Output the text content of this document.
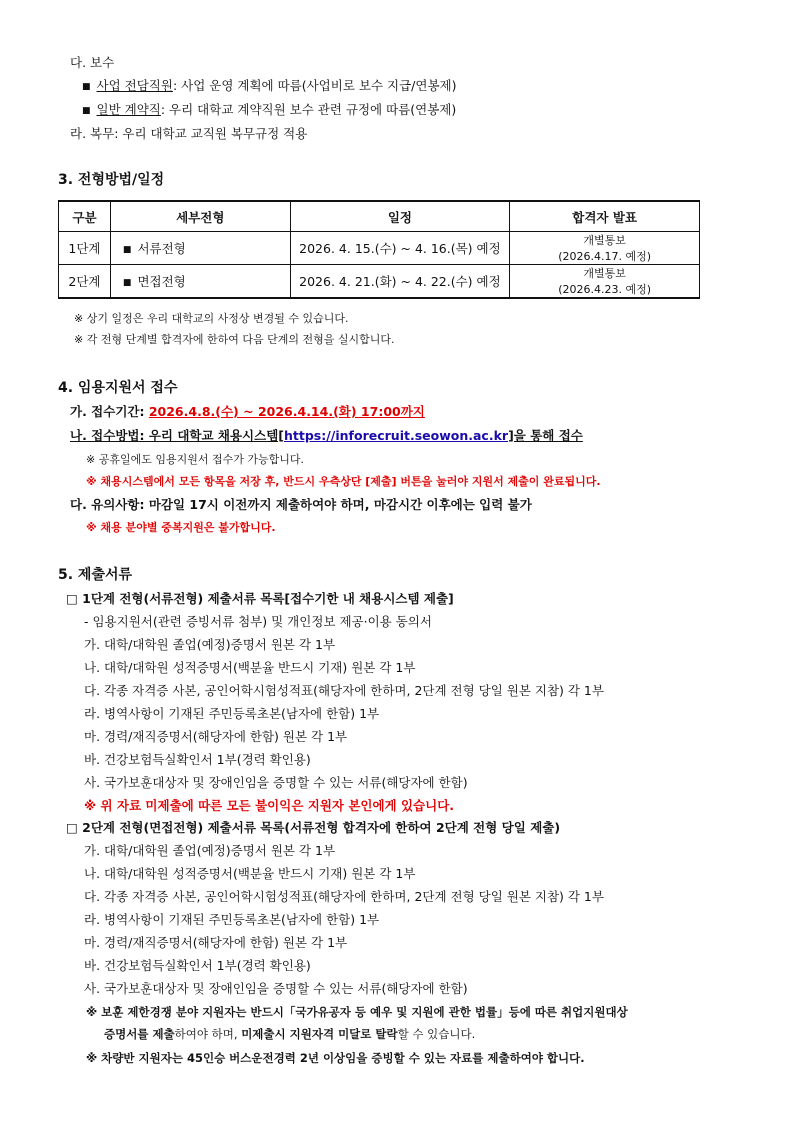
다. 보수
■ 사업 전담직원: 사업 운영 계획에 따름(사업비로 보수 지급/연봉제)
■ 일반 계약직: 우리 대학교 계약직원 보수 관련 규정에 따름(연봉제)
라. 복무: 우리 대학교 교직원 복무규정 적용
3. 전형방법/일정
구분	세부전형	일정	합격자 발표
1단계	■ 서류전형	2026. 4. 15.(수) ~ 4. 16.(목) 예정	개별통보
(2026.4.17. 예정)

2단계	■ 면접전형	2026. 4. 21.(화) ~ 4. 22.(수) 예정	개별통보
(2026.4.23. 예정)
※ 상기 일정은 우리 대학교의 사정상 변경될 수 있습니다.
※ 각 전형 단계별 합격자에 한하여 다음 단계의 전형을 실시합니다.
4. 임용지원서 접수
가. 접수기간: 2026.4.8.(수) ~ 2026.4.14.(화) 17:00까지
나. 접수방법: 우리 대학교 채용시스템[https://inforecruit.seowon.ac.kr]을 통해 접수
※ 공휴일에도 임용지원서 접수가 가능합니다.
※ 채용시스템에서 모든 항목을 저장 후, 반드시 우측상단 [제출] 버튼을 눌러야 지원서 제출이 완료됩니다.
다. 유의사항: 마감일 17시 이전까지 제출하여야 하며, 마감시간 이후에는 입력 불가
※ 채용 분야별 중복지원은 불가합니다.
5. 제출서류
□ 1단계 전형(서류전형) 제출서류 목록[접수기한 내 채용시스템 제출]
- 임용지원서(관련 증빙서류 첨부) 및 개인정보 제공·이용 동의서
가. 대학/대학원 졸업(예정)증명서 원본 각 1부
나. 대학/대학원 성적증명서(백분율 반드시 기재) 원본 각 1부
다. 각종 자격증 사본, 공인어학시험성적표(해당자에 한하며, 2단계 전형 당일 원본 지참) 각 1부
라. 병역사항이 기재된 주민등록초본(남자에 한함) 1부
마. 경력/재직증명서(해당자에 한함) 원본 각 1부
바. 건강보험득실확인서 1부(경력 확인용)
사. 국가보훈대상자 및 장애인임을 증명할 수 있는 서류(해당자에 한함)
※ 위 자료 미제출에 따른 모든 불이익은 지원자 본인에게 있습니다.
□ 2단계 전형(면접전형) 제출서류 목록(서류전형 합격자에 한하여 2단계 전형 당일 제출)
가. 대학/대학원 졸업(예정)증명서 원본 각 1부
나. 대학/대학원 성적증명서(백분율 반드시 기재) 원본 각 1부
다. 각종 자격증 사본, 공인어학시험성적표(해당자에 한하며, 2단계 전형 당일 원본 지참) 각 1부
라. 병역사항이 기재된 주민등록초본(남자에 한함) 1부
마. 경력/재직증명서(해당자에 한함) 원본 각 1부
바. 건강보험득실확인서 1부(경력 확인용)
사. 국가보훈대상자 및 장애인임을 증명할 수 있는 서류(해당자에 한함)
※ 보훈 제한경쟁 분야 지원자는 반드시「국가유공자 등 예우 및 지원에 관한 법률」등에 따른 취업지원대상
증명서를 제출하여야 하며, 미제출시 지원자격 미달로 탈락할 수 있습니다.
※ 차량반 지원자는 45인승 버스운전경력 2년 이상임을 증빙할 수 있는 자료를 제출하여야 합니다.
